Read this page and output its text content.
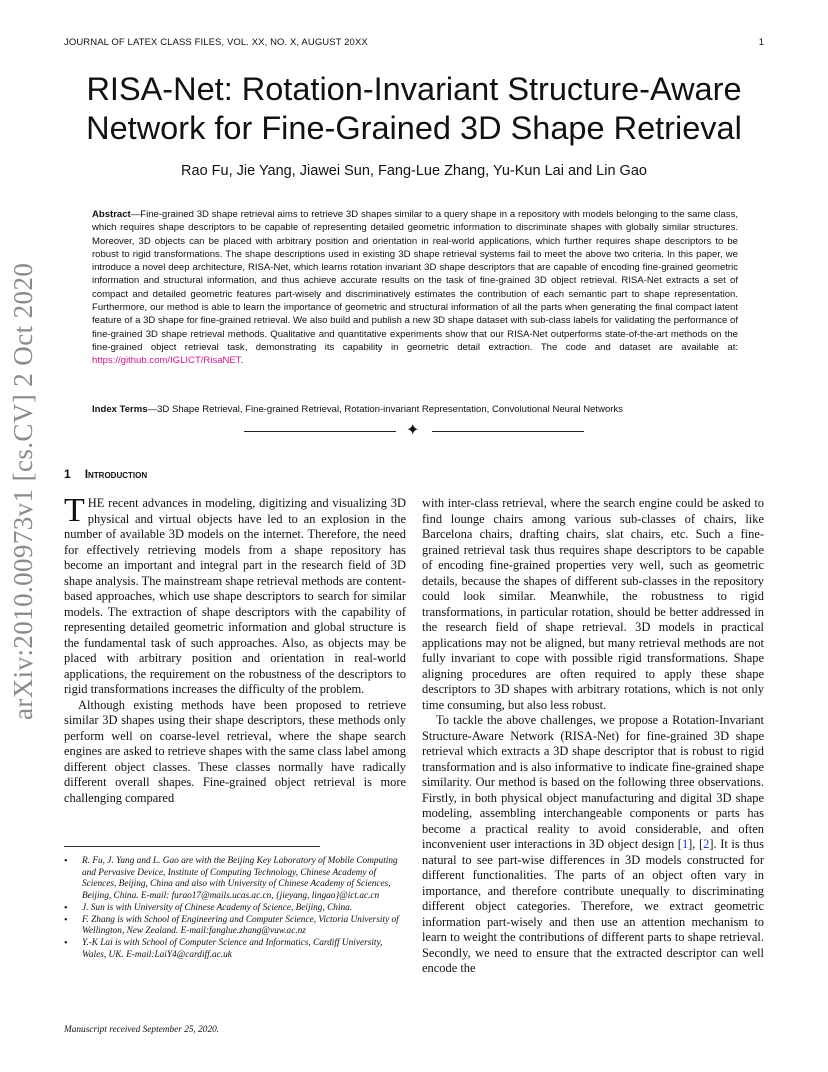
JOURNAL OF LATEX CLASS FILES, VOL. XX, NO. X, AUGUST 20XX	1
arXiv:2010.00973v1 [cs.CV] 2 Oct 2020
RISA-Net: Rotation-Invariant Structure-Aware Network for Fine-Grained 3D Shape Retrieval
Rao Fu, Jie Yang, Jiawei Sun, Fang-Lue Zhang, Yu-Kun Lai and Lin Gao
Abstract—Fine-grained 3D shape retrieval aims to retrieve 3D shapes similar to a query shape in a repository with models belonging to the same class, which requires shape descriptors to be capable of representing detailed geometric information to discriminate shapes with globally similar structures. Moreover, 3D objects can be placed with arbitrary position and orientation in real-world applications, which further requires shape descriptors to be robust to rigid transformations. The shape descriptions used in existing 3D shape retrieval systems fail to meet the above two criteria. In this paper, we introduce a novel deep architecture, RISA-Net, which learns rotation invariant 3D shape descriptors that are capable of encoding fine-grained geometric information and structural information, and thus achieve accurate results on the task of fine-grained 3D object retrieval. RISA-Net extracts a set of compact and detailed geometric features part-wisely and discriminatively estimates the contribution of each semantic part to shape representation. Furthermore, our method is able to learn the importance of geometric and structural information of all the parts when generating the final compact latent feature of a 3D shape for fine-grained retrieval. We also build and publish a new 3D shape dataset with sub-class labels for validating the performance of fine-grained 3D shape retrieval methods. Qualitative and quantitative experiments show that our RISA-Net outperforms state-of-the-art methods on the fine-grained object retrieval task, demonstrating its capability in geometric detail extraction. The code and dataset are available at: https://github.com/IGLICT/RisaNET.
Index Terms—3D Shape Retrieval, Fine-grained Retrieval, Rotation-invariant Representation, Convolutional Neural Networks
✦
1 Introduction

THE recent advances in modeling, digitizing and visualizing 3D physical and virtual objects have led to an explosion in the number of available 3D models on the internet. Therefore, the need for effectively retrieving models from a shape repository has become an important and integral part in the research field of 3D shape analysis. The mainstream shape retrieval methods are content-based approaches, which use shape descriptors to search for similar models. The extraction of shape descriptors with the capability of representing detailed geometric information and global structure is the fundamental task of such approaches. Also, as objects may be placed with arbitrary position and orientation in real-world applications, the requirement on the robustness of the descriptors to rigid transformations increases the difficulty of the problem.

Although existing methods have been proposed to retrieve similar 3D shapes using their shape descriptors, these methods only perform well on coarse-level retrieval, where the shape search engines are asked to retrieve shapes with the same class label among different object classes. These classes normally have radically different overall shapes. Fine-grained object retrieval is more challenging compared

• R. Fu, J. Yang and L. Gao are with the Beijing Key Laboratory of Mobile Computing and Pervasive Device, Institute of Computing Technology, Chinese Academy of Sciences, Beijing, China and also with University of Chinese Academy of Sciences, Beijing, China. E-mail: furao17@mails.ucas.ac.cn, {jieyang, lingao}@ict.ac.cn
• J. Sun is with University of Chinese Academy of Science, Beijing, China.
• F. Zhang is with School of Engineering and Computer Science, Victoria University of Wellington, New Zealand. E-mail:fanglue.zhang@vuw.ac.nz
• Y.-K Lai is with School of Computer Science and Informatics, Cardiff University, Wales, UK. E-mail:LaiY4@cardiff.ac.uk
Manuscript received September 25, 2020.

with inter-class retrieval, where the search engine could be asked to find lounge chairs among various sub-classes of chairs, like Barcelona chairs, drafting chairs, slat chairs, etc. Such a fine-grained retrieval task thus requires shape descriptors to be capable of encoding fine-grained properties very well, such as geometric details, because the shapes of different sub-classes in the repository could look similar. Meanwhile, the robustness to rigid transformations, in particular rotation, should be better addressed in the research field of shape retrieval. 3D models in practical applications may not be aligned, but many retrieval methods are not fully invariant to cope with possible rigid transformations. Shape aligning procedures are often required to apply these shape descriptors to 3D shapes with arbitrary rotations, which is not only time consuming, but also less robust.

To tackle the above challenges, we propose a Rotation-Invariant Structure-Aware Network (RISA-Net) for fine-grained 3D shape retrieval which extracts a 3D shape descriptor that is robust to rigid transformation and is also informative to indicate fine-grained shape similarity. Our method is based on the following three observations. Firstly, in both physical object manufacturing and digital 3D shape modeling, assembling interchangeable components or parts has become a practical reality to avoid considerable, and often inconvenient user interactions in 3D object design [1], [2]. It is thus natural to see part-wise differences in 3D models constructed for different functionalities. The parts of an object often vary in importance, and therefore contribute unequally to discriminating different object categories. Therefore, we extract geometric information part-wisely and then use an attention mechanism to learn to weight the contributions of different parts to shape retrieval. Secondly, we need to ensure that the extracted descriptor can well encode the
